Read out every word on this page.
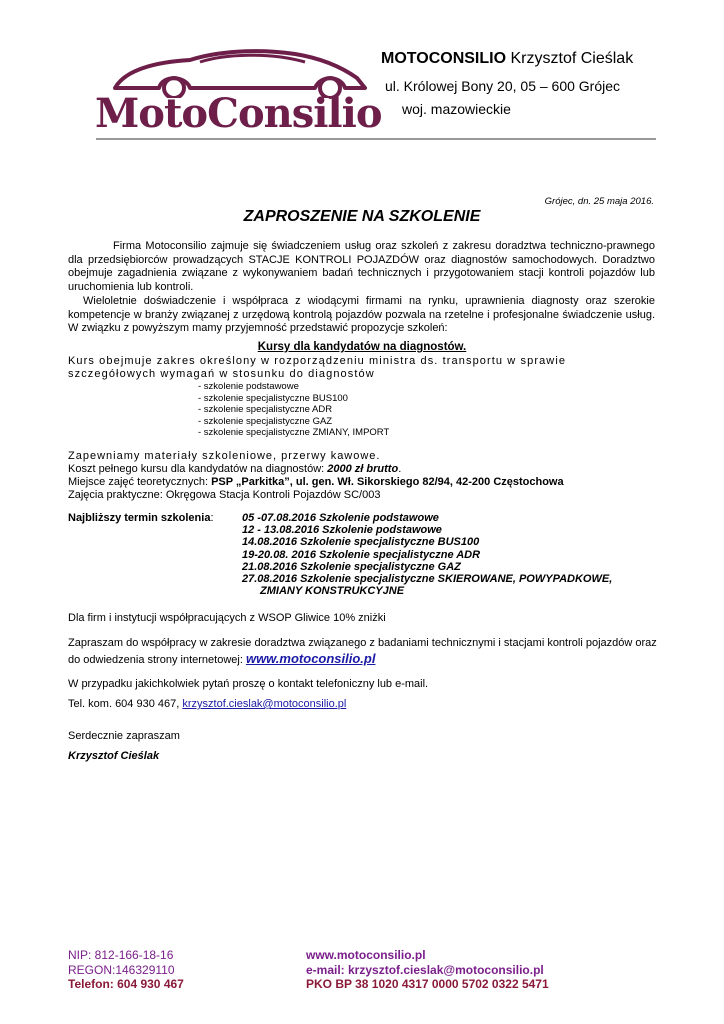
MotoConsilio
MOTOCONSILIO Krzysztof Cieślak
ul. Królowej Bony 20, 05 – 600 Grójec
woj. mazowieckie
Grójec, dn. 25 maja 2016.
ZAPROSZENIE NA SZKOLENIE

Firma Motoconsilio zajmuje się świadczeniem usług oraz szkoleń z zakresu doradztwa techniczno-prawnego dla przedsiębiorców prowadzących STACJE KONTROLI POJAZDÓW oraz diagnostów samochodowych. Doradztwo obejmuje zagadnienia związane z wykonywaniem badań technicznych i przygotowaniem stacji kontroli pojazdów lub uruchomienia lub kontroli.

Wieloletnie doświadczenie i współpraca z wiodącymi firmami na rynku, uprawnienia diagnosty oraz szerokie kompetencje w branży związanej z urzędową kontrolą pojazdów pozwala na rzetelne i profesjonalne świadczenie usług. W związku z powyższym mamy przyjemność przedstawić propozycje szkoleń:

Kursy dla kandydatów na diagnostów.
Kurs obejmuje zakres określony w rozporządzeniu ministra ds. transportu w sprawie szczegółowych wymagań w stosunku do diagnostów
- szkolenie podstawowe
- szkolenie specjalistyczne BUS100
- szkolenie specjalistyczne ADR
- szkolenie specjalistyczne GAZ
- szkolenie specjalistyczne ZMIANY, IMPORT
Zapewniamy materiały szkoleniowe, przerwy kawowe.
Koszt pełnego kursu dla kandydatów na diagnostów: 2000 zł brutto.
Miejsce zajęć teoretycznych: PSP „Parkitka”, ul. gen. Wł. Sikorskiego 82/94, 42-200 Częstochowa
Zajęcia praktyczne: Okręgowa Stacja Kontroli Pojazdów SC/003
Najbliższy termin szkolenia:	05 -07.08.2016 Szkolenie podstawowe
12 - 13.08.2016 Szkolenie podstawowe
14.08.2016 Szkolenie specjalistyczne BUS100
19-20.08. 2016 Szkolenie specjalistyczne ADR
21.08.2016 Szkolenie specjalistyczne GAZ
27.08.2016 Szkolenie specjalistyczne SKIEROWANE, POWYPADKOWE,
ZMIANY KONSTRUKCYJNE
Dla firm i instytucji współpracujących z WSOP Gliwice 10% zniżki
Zapraszam do współpracy w zakresie doradztwa związanego z badaniami technicznymi i stacjami kontroli pojazdów oraz do odwiedzenia strony internetowej: www.motoconsilio.pl
W przypadku jakichkolwiek pytań proszę o kontakt telefoniczny lub e-mail.
Tel. kom. 604 930 467, krzysztof.cieslak@motoconsilio.pl
Serdecznie zapraszam
Krzysztof Cieślak
NIP: 812-166-18-16
REGON:146329110
Telefon: 604 930 467
www.motoconsilio.pl
e-mail: krzysztof.cieslak@motoconsilio.pl
PKO BP 38 1020 4317 0000 5702 0322 5471
